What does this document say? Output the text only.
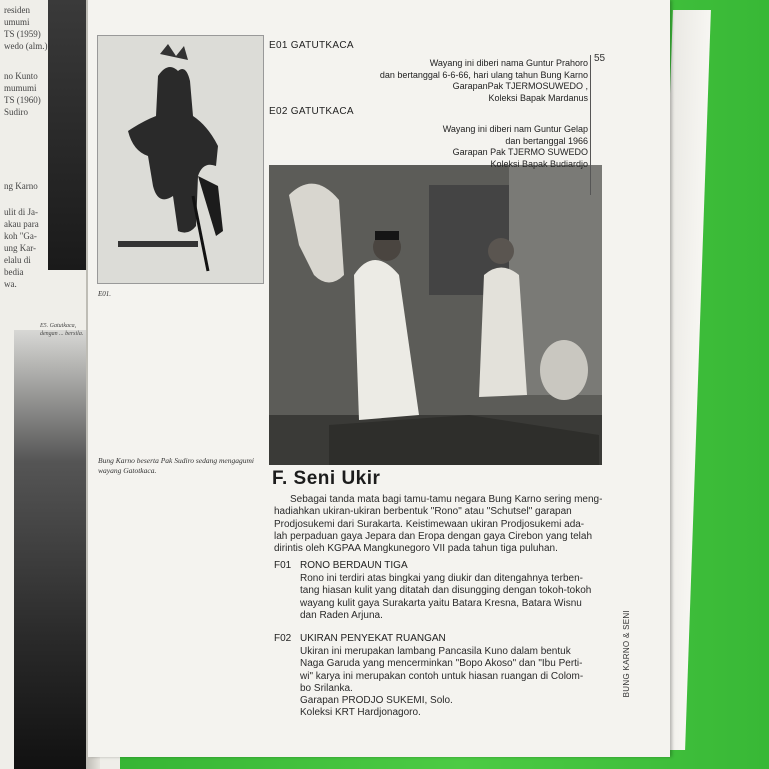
residen
umumi
TS (1959)
wedo (alm.)
no Kunto
mumumi
TS (1960)
Sudiro
ng Karno
ulit di Ja-
akau para
koh "Ga-
ung Kar-
elalu di
bedia
wa.
E01.
E5. Gatutkaca, dengan ... bersila.
Bung Karno beserta Pak Sudiro sedang mengagumi wayang Gatotkaca.
55
E01 GATUTKACA
Wayang ini diberi nama Guntur Prahoro
dan bertanggal 6-6-66, hari ulang tahun Bung Karno
GarapanPak TJERMOSUWEDO ,
Koleksi Bapak Mardanus
E02 GATUTKACA
Wayang ini diberi nam Guntur Gelap
dan bertanggal 1966
Garapan Pak TJERMO SUWEDO
Koleksi Bapak Budiardjo
F. Seni Ukir
Sebagai tanda mata bagi tamu-tamu negara Bung Karno sering meng-
hadiahkan ukiran-ukiran berbentuk "Rono" atau "Schutsel" garapan
Prodjosukemi dari Surakarta. Keistimewaan ukiran Prodjosukemi ada-
lah perpaduan gaya Jepara dan Eropa dengan gaya Cirebon yang telah
dirintis oleh KGPAA Mangkunegoro VII pada tahun tiga puluhan.
F01 RONO BERDAUN TIGA
Rono ini terdiri atas bingkai yang diukir dan ditengahnya terben-
tang hiasan kulit yang ditatah dan disungging dengan tokoh-tokoh
wayang kulit gaya Surakarta yaitu Batara Kresna, Batara Wisnu
dan Raden Arjuna.
F02 UKIRAN PENYEKAT RUANGAN
Ukiran ini merupakan lambang Pancasila Kuno dalam bentuk
Naga Garuda yang mencerminkan "Bopo Akoso" dan "Ibu Perti-
wi" karya ini merupakan contoh untuk hiasan ruangan di Colom-
bo Srilanka.
Garapan PRODJO SUKEMI, Solo.
Koleksi KRT Hardjonagoro.
BUNG KARNO & SENI
